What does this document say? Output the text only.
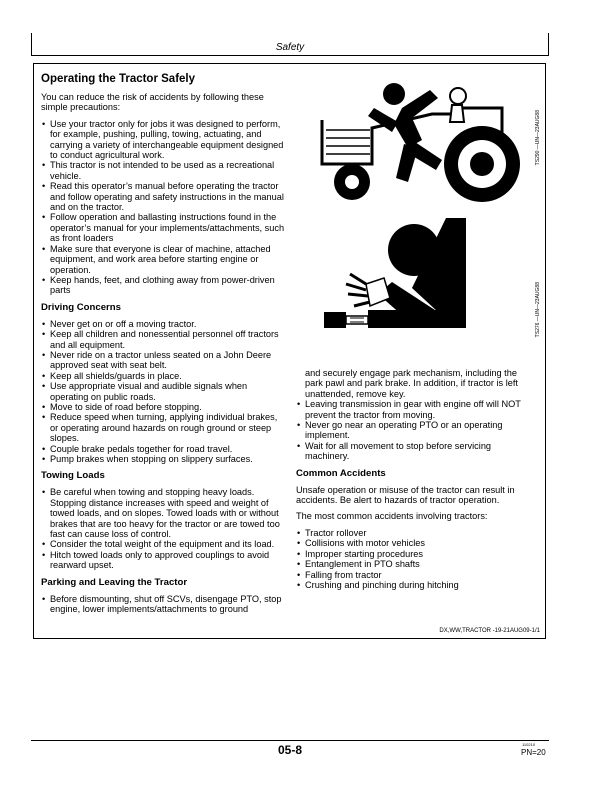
Safety
Operating the Tractor Safely

You can reduce the risk of accidents by following these simple precautions:

• Use your tractor only for jobs it was designed to perform, for example, pushing, pulling, towing, actuating, and carrying a variety of interchangeable equipment designed to conduct agricultural work.
• This tractor is not intended to be used as a recreational vehicle.
• Read this operator’s manual before operating the tractor and follow operating and safety instructions in the manual and on the tractor.
• Follow operation and ballasting instructions found in the operator’s manual for your implements/attachments, such as front loaders
• Make sure that everyone is clear of machine, attached equipment, and work area before starting engine or operation.
• Keep hands, feet, and clothing away from power-driven parts
Driving Concerns
• Never get on or off a moving tractor.
• Keep all children and nonessential personnel off tractors and all equipment.
• Never ride on a tractor unless seated on a John Deere approved seat with seat belt.
• Keep all shields/guards in place.
• Use appropriate visual and audible signals when operating on public roads.
• Move to side of road before stopping.
• Reduce speed when turning, applying individual brakes, or operating around hazards on rough ground or steep slopes.
• Couple brake pedals together for road travel.
• Pump brakes when stopping on slippery surfaces.
Towing Loads
• Be careful when towing and stopping heavy loads. Stopping distance increases with speed and weight of towed loads, and on slopes. Towed loads with or without brakes that are too heavy for the tractor or are towed too fast can cause loss of control.
• Consider the total weight of the equipment and its load.
• Hitch towed loads only to approved couplings to avoid rearward upset.
Parking and Leaving the Tractor
• Before dismounting, shut off SCVs, disengage PTO, stop engine, lower implements/attachments to ground
TS290 —UN—23AUG88
TS276 —UN—23AUG88

and securely engage park mechanism, including the park pawl and park brake. In addition, if tractor is left unattended, remove key.

• Leaving transmission in gear with engine off will NOT prevent the tractor from moving.
• Never go near an operating PTO or an operating implement.
• Wait for all movement to stop before servicing machinery.
Common Accidents

Unsafe operation or misuse of the tractor can result in accidents. Be alert to hazards of tractor operation.

The most common accidents involving tractors:

• Tractor rollover
• Collisions with motor vehicles
• Improper starting procedures
• Entanglement in PTO shafts
• Falling from tractor
• Crushing and pinching during hitching
DX,WW,TRACTOR -19-21AUG09-1/1
05-8	110210
PN=20
